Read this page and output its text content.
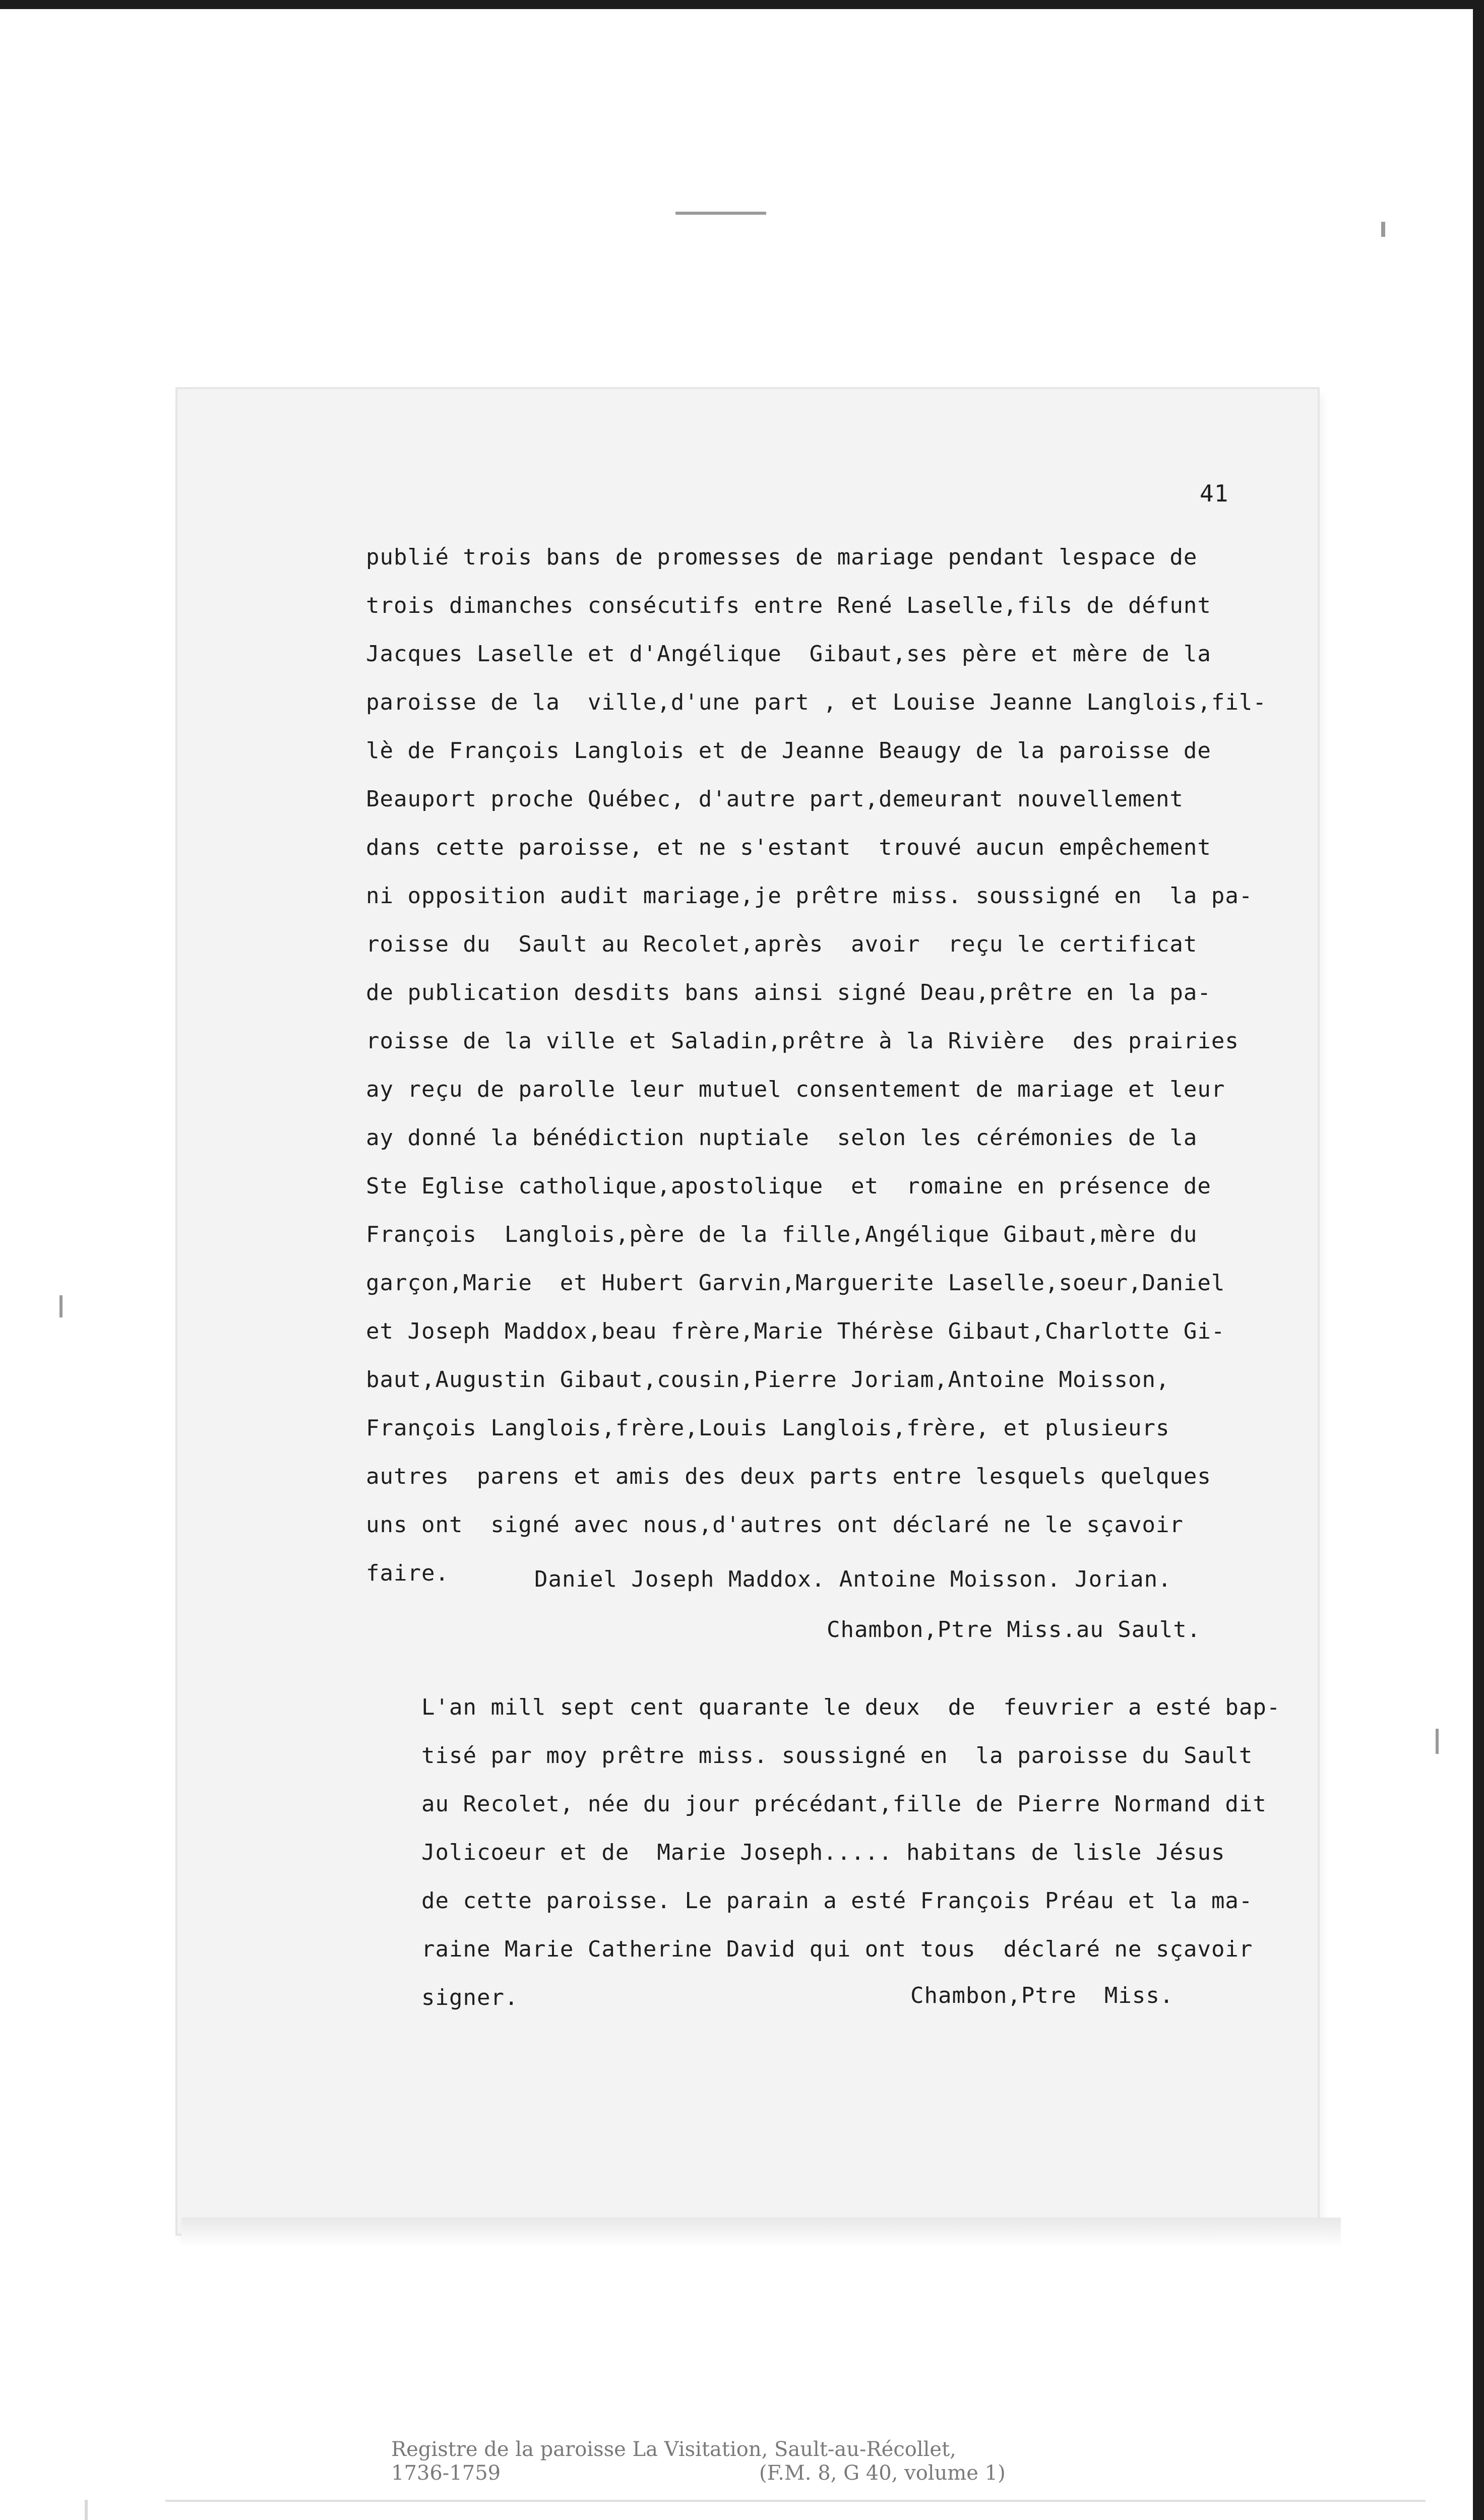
41
publié trois bans de promesses de mariage pendant lespace de
trois dimanches consécutifs entre René Laselle,fils de défunt
Jacques Laselle et d'Angélique  Gibaut,ses père et mère de la
paroisse de la  ville,d'une part , et Louise Jeanne Langlois,fil-
lè de François Langlois et de Jeanne Beaugy de la paroisse de
Beauport proche Québec, d'autre part,demeurant nouvellement
dans cette paroisse, et ne s'estant  trouvé aucun empêchement
ni opposition audit mariage,je prêtre miss. soussigné en  la pa-
roisse du  Sault au Recolet,après  avoir  reçu le certificat
de publication desdits bans ainsi signé Deau,prêtre en la pa-
roisse de la ville et Saladin,prêtre à la Rivière  des prairies
ay reçu de parolle leur mutuel consentement de mariage et leur
ay donné la bénédiction nuptiale  selon les cérémonies de la
Ste Eglise catholique,apostolique  et  romaine en présence de
François  Langlois,père de la fille,Angélique Gibaut,mère du
garçon,Marie  et Hubert Garvin,Marguerite Laselle,soeur,Daniel
et Joseph Maddox,beau frère,Marie Thérèse Gibaut,Charlotte Gi-
baut,Augustin Gibaut,cousin,Pierre Joriam,Antoine Moisson,
François Langlois,frère,Louis Langlois,frère, et plusieurs
autres  parens et amis des deux parts entre lesquels quelques
uns ont  signé avec nous,d'autres ont déclaré ne le sçavoir
faire.	Daniel Joseph Maddox. Antoine Moisson. Jorian.
Chambon,Ptre Miss.au Sault.
L'an mill sept cent quarante le deux  de  feuvrier a esté bap-
tisé par moy prêtre miss. soussigné en  la paroisse du Sault
au Recolet, née du jour précédant,fille de Pierre Normand dit
Jolicoeur et de  Marie Joseph..... habitans de lisle Jésus
de cette paroisse. Le parain a esté François Préau et la ma-
raine Marie Catherine David qui ont tous  déclaré ne sçavoir
signer.	Chambon,Ptre  Miss.
Registre de la paroisse La Visitation, Sault-au-Récollet,
1736-1759	(F.M. 8, G 40, volume 1)
